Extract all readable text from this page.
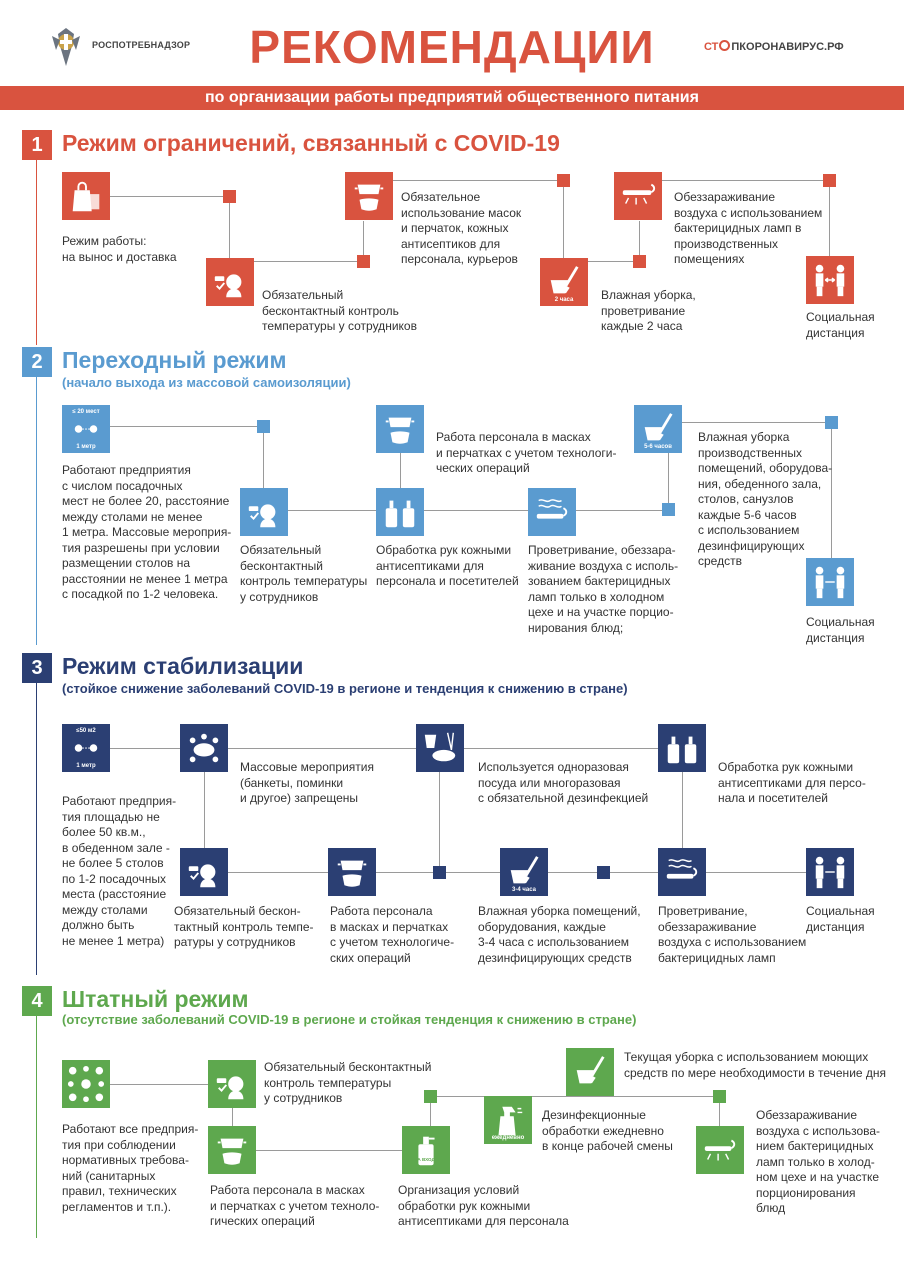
РОСПОТРЕБНАДЗОР	РЕКОМЕНДАЦИИ	СТ ПКОРОНАВИРУС.РФ
по организации работы предприятий общественного питания
1 Режим ограничений, связанный с COVID-19
Режим работы:
на вынос и доставка
Обязательный
бесконтактный контроль
температуры у сотрудников
Обязательное
использование масок
и перчаток, кожных
антисептиков для
персонала, курьеров
2 часа	Влажная уборка,
проветривание
каждые 2 часа
Обеззараживание
воздуха с использованием
бактерицидных ламп в
производственных
помещениях
Социальная
дистанция
2 Переходный режим
(начало выхода из массовой самоизоляции)
≤ 20 мест
1 метр
Работают предприятия
с числом посадочных
мест не более 20, расстояние
между столами не менее
1 метра. Массовые мероприя-
тия разрешены при условии
размещении столов на
расстоянии не менее 1 метра
с посадкой по 1-2 человека.
Обязательный
бесконтактный
контроль температуры
у сотрудников
Работа персонала в масках
и перчатках с учетом технологи-
ческих операций
Обработка рук кожными
антисептиками для
персонала и посетителей
Проветривание, обеззара-
живание воздуха с исполь-
зованием бактерицидных
ламп только в холодном
цехе и на участке порцио-
нирования блюд;
5-6 часов
Влажная уборка
производственных
помещений, оборудова-
ния, обеденного зала,
столов, санузлов
каждые 5-6 часов
с использованием
дезинфицирующих
средств
Социальная
дистанция
3 Режим стабилизации
(стойкое снижение заболеваний COVID-19 в регионе и тенденция к снижению в стране)
≤50 м2
1 метр
Работают предприя-
тия площадью не
более 50 кв.м.,
в обеденном зале -
не более 5 столов
по 1-2 посадочных
места (расстояние
между столами
должно быть
не менее 1 метра)
Массовые мероприятия
(банкеты, поминки
и другое) запрещены
Используется одноразовая
посуда или многоразовая
с обязательной дезинфекцией
Обработка рук кожными
антисептиками для персо-
нала и посетителей
Обязательный бескон-
тактный контроль темпе-
ратуры у сотрудников
Работа персонала
в масках и перчатках
с учетом технологиче-
ских операций
3-4 часа
Влажная уборка помещений,
оборудования, каждые
3-4 часа с использованием
дезинфицирующих средств
Проветривание,
обеззараживание
воздуха с использованием
бактерицидных ламп
Социальная
дистанция
4 Штатный режим
(отсутствие заболеваний COVID-19 в регионе и стойкая тенденция к снижению в стране)
Работают все предприя-
тия при соблюдении
нормативных требова-
ний (санитарных
правил, технических
регламентов и т.п.).
Обязательный бесконтактный
контроль температуры
у сотрудников
Работа персонала в масках
и перчатках с учетом техноло-
гических операций
НА ВХОДЕ
Организация условий
обработки рук кожными
антисептиками для персонала
ежедневно
Дезинфекционные
обработки ежедневно
в конце рабочей смены
Текущая уборка с использованием моющих
средств по мере необходимости в течение дня
Обеззараживание
воздуха с использова-
нием бактерицидных
ламп только в холод-
ном цехе и на участке
порционирования
блюд
